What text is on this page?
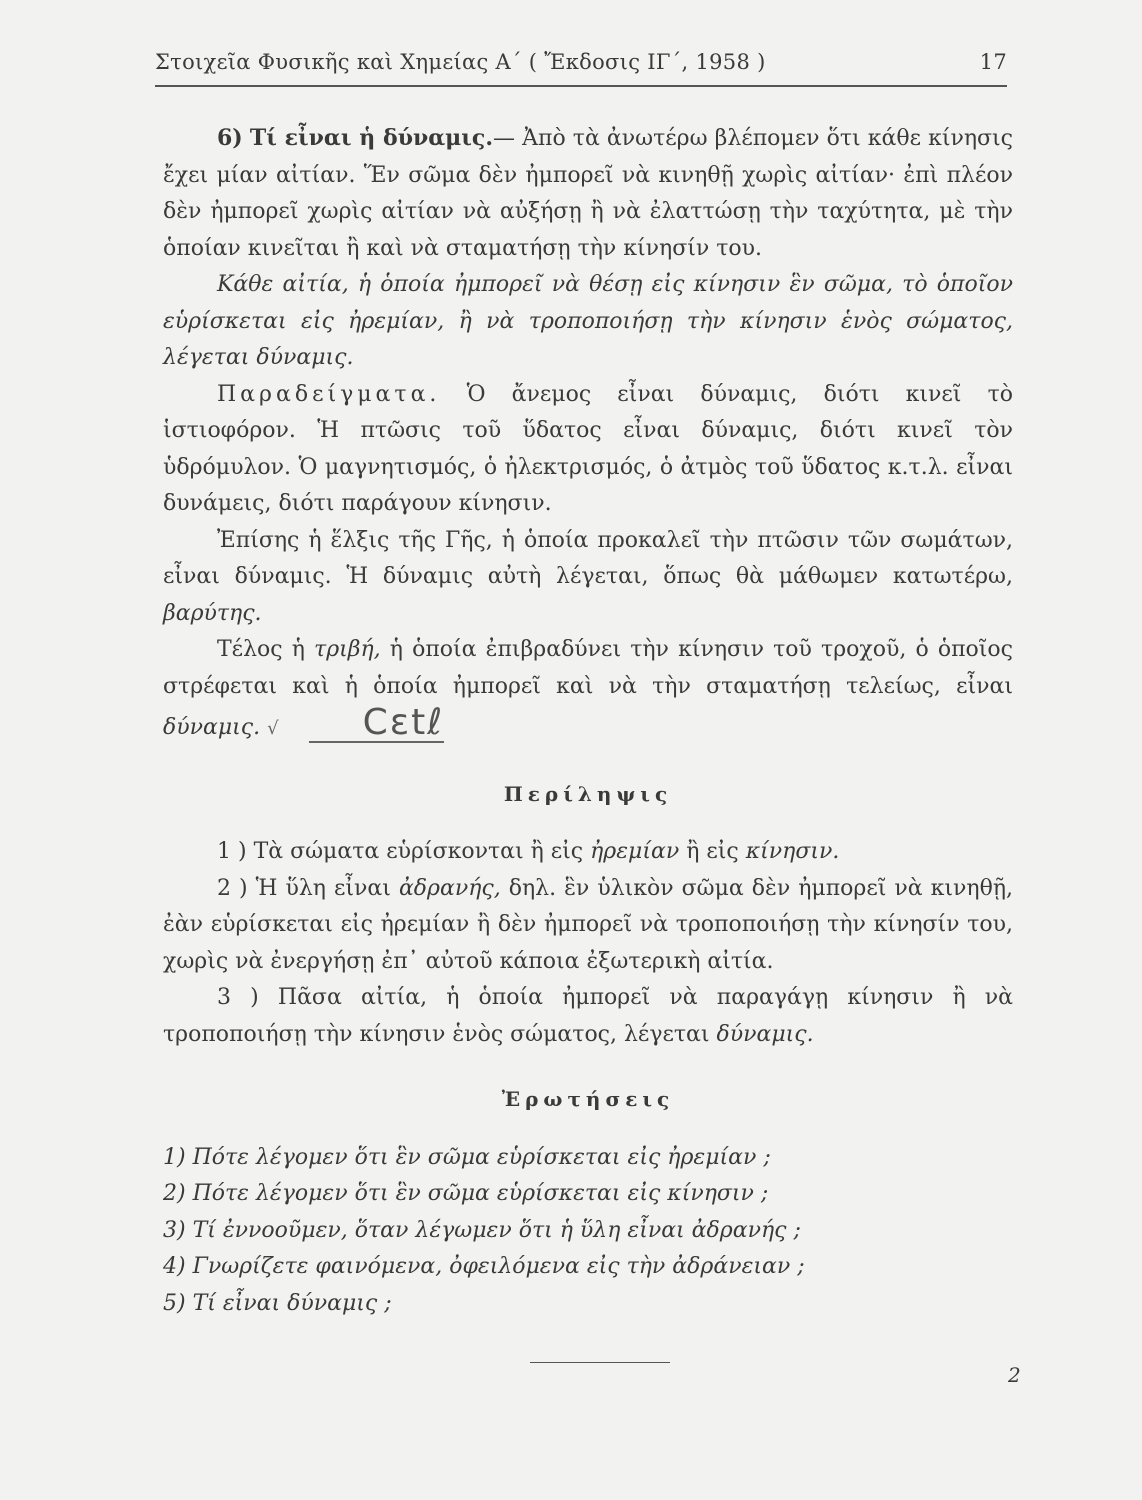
Στοιχεῖα Φυσικῆς καὶ Χημείας Α΄ ( Ἔκδοσις ΙΓ΄, 1958 )	17

6) Τί εἶναι ἡ δύναμις.— Ἀπὸ τὰ ἀνωτέρω βλέπομεν ὅτι κάθε κίνησις ἔχει μίαν αἰτίαν. Ἕν σῶμα δὲν ἠμπορεῖ νὰ κινηθῇ χωρὶς αἰτίαν· ἐπὶ πλέον δὲν ἠμπορεῖ χωρὶς αἰτίαν νὰ αὐξήσῃ ἢ νὰ ἐλαττώσῃ τὴν ταχύτητα, μὲ τὴν ὁποίαν κινεῖται ἢ καὶ νὰ σταματήσῃ τὴν κίνησίν του.

Κάθε αἰτία, ἡ ὁποία ἠμπορεῖ νὰ θέσῃ εἰς κίνησιν ἓν σῶμα, τὸ ὁποῖον εὑρίσκεται εἰς ἠρεμίαν, ἢ νὰ τροποποιήσῃ τὴν κίνησιν ἑνὸς σώματος, λέγεται δύναμις.

Παραδείγματα. Ὁ ἄνεμος εἶναι δύναμις, διότι κινεῖ τὸ ἱστιοφόρον. Ἡ πτῶσις τοῦ ὕδατος εἶναι δύναμις, διότι κινεῖ τὸν ὑδρόμυλον. Ὁ μαγνητισμός, ὁ ἠλεκτρισμός, ὁ ἀτμὸς τοῦ ὕδατος κ.τ.λ. εἶναι δυνάμεις, διότι παράγουν κίνησιν.

Ἐπίσης ἡ ἕλξις τῆς Γῆς, ἡ ὁποία προκαλεῖ τὴν πτῶσιν τῶν σωμάτων, εἶναι δύναμις. Ἡ δύναμις αὐτὴ λέγεται, ὅπως θὰ μάθωμεν κατωτέρω, βαρύτης.

Τέλος ἡ τριβή, ἡ ὁποία ἐπιβραδύνει τὴν κίνησιν τοῦ τροχοῦ, ὁ ὁποῖος στρέφεται καὶ ἡ ὁποία ἠμπορεῖ καὶ νὰ τὴν σταματήσῃ τελείως, εἶναι δύναμις. √ Cεtℓ

Περίληψις

1 ) Τὰ σώματα εὑρίσκονται ἢ εἰς ἠρεμίαν ἢ εἰς κίνησιν.

2 ) Ἡ ὕλη εἶναι ἀδρανής, δηλ. ἓν ὑλικὸν σῶμα δὲν ἠμπορεῖ νὰ κινηθῇ, ἐὰν εὑρίσκεται εἰς ἠρεμίαν ἢ δὲν ἠμπορεῖ νὰ τροποποιήσῃ τὴν κίνησίν του, χωρὶς νὰ ἐνεργήσῃ ἐπ᾽ αὐτοῦ κάποια ἐξωτερικὴ αἰτία.

3 ) Πᾶσα αἰτία, ἡ ὁποία ἠμπορεῖ νὰ παραγάγῃ κίνησιν ἢ νὰ τροποποιήσῃ τὴν κίνησιν ἑνὸς σώματος, λέγεται δύναμις.

Ἐρωτήσεις

1) Πότε λέγομεν ὅτι ἓν σῶμα εὑρίσκεται εἰς ἠρεμίαν ;

2) Πότε λέγομεν ὅτι ἓν σῶμα εὑρίσκεται εἰς κίνησιν ;

3) Τί ἐννοοῦμεν, ὅταν λέγωμεν ὅτι ἡ ὕλη εἶναι ἀδρανής ;

4) Γνωρίζετε φαινόμενα, ὀφειλόμενα εἰς τὴν ἀδράνειαν ;

5) Τί εἶναι δύναμις ;

2
